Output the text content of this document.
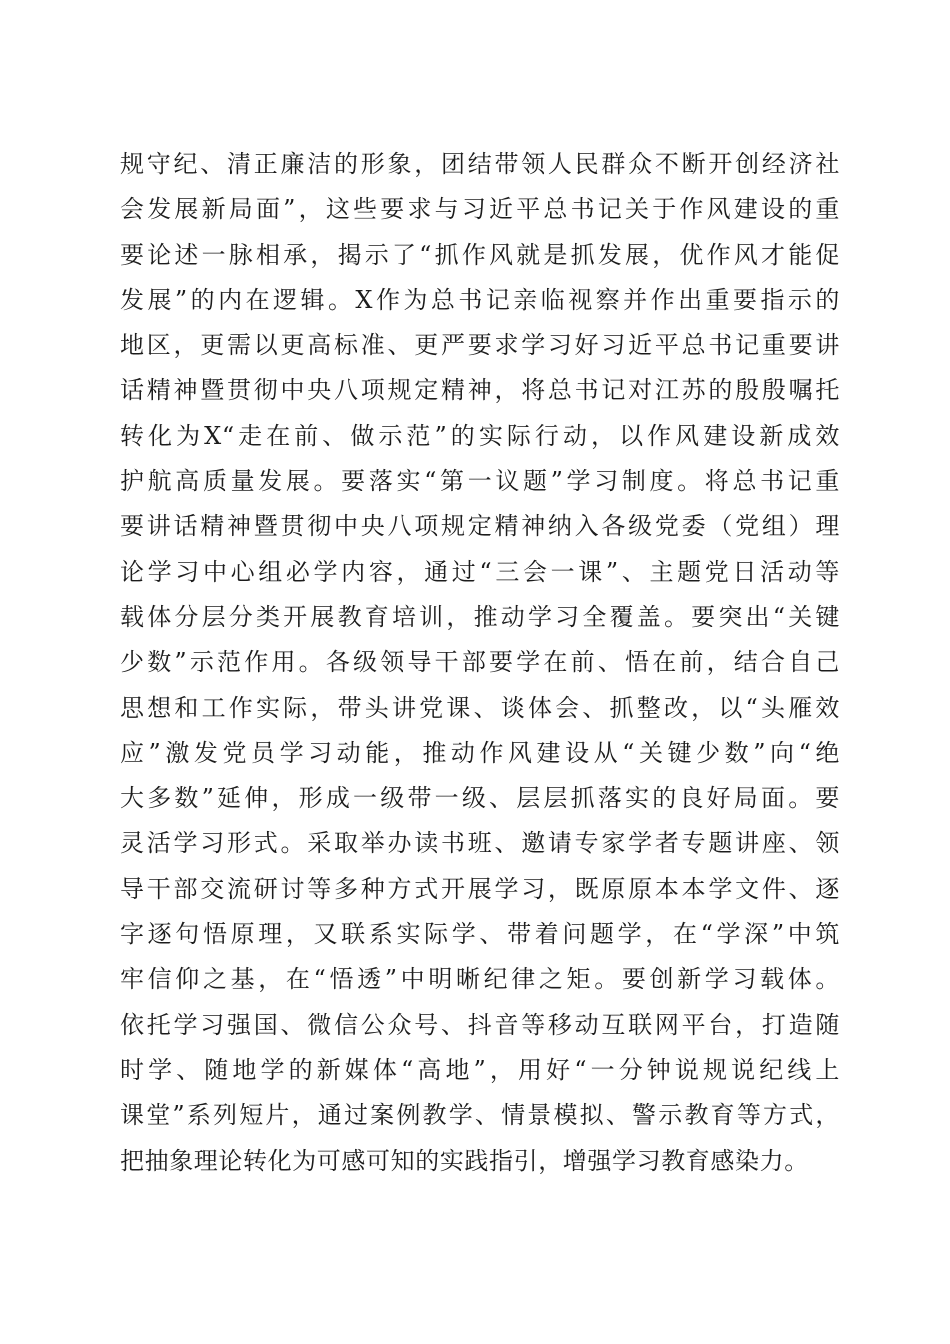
规守纪、清正廉洁的形象，团结带领人民群众不断开创经济社
会发展新局面”，这些要求与习近平总书记关于作风建设的重
要论述一脉相承，揭示了“抓作风就是抓发展，优作风才能促
发展”的内在逻辑。X作为总书记亲临视察并作出重要指示的
地区，更需以更高标准、更严要求学习好习近平总书记重要讲
话精神暨贯彻中央八项规定精神，将总书记对江苏的殷殷嘱托
转化为X“走在前、做示范”的实际行动，以作风建设新成效
护航高质量发展。要落实“第一议题”学习制度。将总书记重
要讲话精神暨贯彻中央八项规定精神纳入各级党委（党组）理
论学习中心组必学内容，通过“三会一课”、主题党日活动等
载体分层分类开展教育培训，推动学习全覆盖。要突出“关键
少数”示范作用。各级领导干部要学在前、悟在前，结合自己
思想和工作实际，带头讲党课、谈体会、抓整改，以“头雁效
应”激发党员学习动能，推动作风建设从“关键少数”向“绝
大多数”延伸，形成一级带一级、层层抓落实的良好局面。要
灵活学习形式。采取举办读书班、邀请专家学者专题讲座、领
导干部交流研讨等多种方式开展学习，既原原本本学文件、逐
字逐句悟原理，又联系实际学、带着问题学，在“学深”中筑
牢信仰之基，在“悟透”中明晰纪律之矩。要创新学习载体。
依托学习强国、微信公众号、抖音等移动互联网平台，打造随
时学、随地学的新媒体“高地”，用好“一分钟说规说纪线上
课堂”系列短片，通过案例教学、情景模拟、警示教育等方式，
把抽象理论转化为可感可知的实践指引，增强学习教育感染力。
